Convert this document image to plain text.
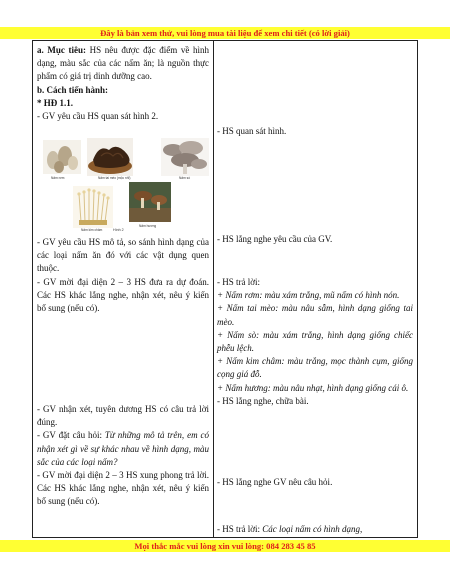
Đây là bản xem thử, vui lòng mua tài liệu để xem chi tiết (có lời giải)

a. Mục tiêu: HS nêu được đặc điểm về hình dạng, màu sắc của các nấm ăn; là nguồn thực phẩm có giá trị dinh dưỡng cao.

b. Cách tiến hành:

* HĐ 1.1.

- GV yêu cầu HS quan sát hình 2.

Nấm rơm	Nấm tai mèo (mộc nhĩ)	Nấm sò
Nấm kim châm
Nấm hương
Hình 2

- GV yêu cầu HS mô tả, so sánh hình dạng của các loại nấm ăn đó với các vật dụng quen thuộc.

- GV mời đại diện 2 – 3 HS đưa ra dự đoán. Các HS khác lắng nghe, nhận xét, nêu ý kiến bổ sung (nếu có).

- GV nhận xét, tuyên dương HS có câu trả lời đúng.

- GV đặt câu hỏi: Từ những mô tả trên, em có nhận xét gì về sự khác nhau về hình dạng, màu sắc của các loại nấm?

- GV mời đại diện 2 – 3 HS xung phong trả lời. Các HS khác lắng nghe, nhận xét, nêu ý kiến bổ sung (nếu có).

- HS quan sát hình.

- HS lắng nghe yêu cầu của GV.

- HS trả lời:

+ Nấm rơm: màu xám trắng, mũ nấm có hình nón.

+ Nấm tai mèo: màu nâu sẫm, hình dạng giống tai mèo.

+ Nấm sò: màu xám trắng, hình dạng giống chiếc phễu lệch.

+ Nấm kim châm: màu trắng, mọc thành cụm, giống cọng giá đỗ.

+ Nấm hương: màu nâu nhạt, hình dạng giống cái ô.

- HS lắng nghe, chữa bài.

- HS lắng nghe GV nêu câu hỏi.

- HS trả lời: Các loại nấm có hình dạng,

Mọi thắc mắc vui lòng xin vui lòng: 084 283 45 85
